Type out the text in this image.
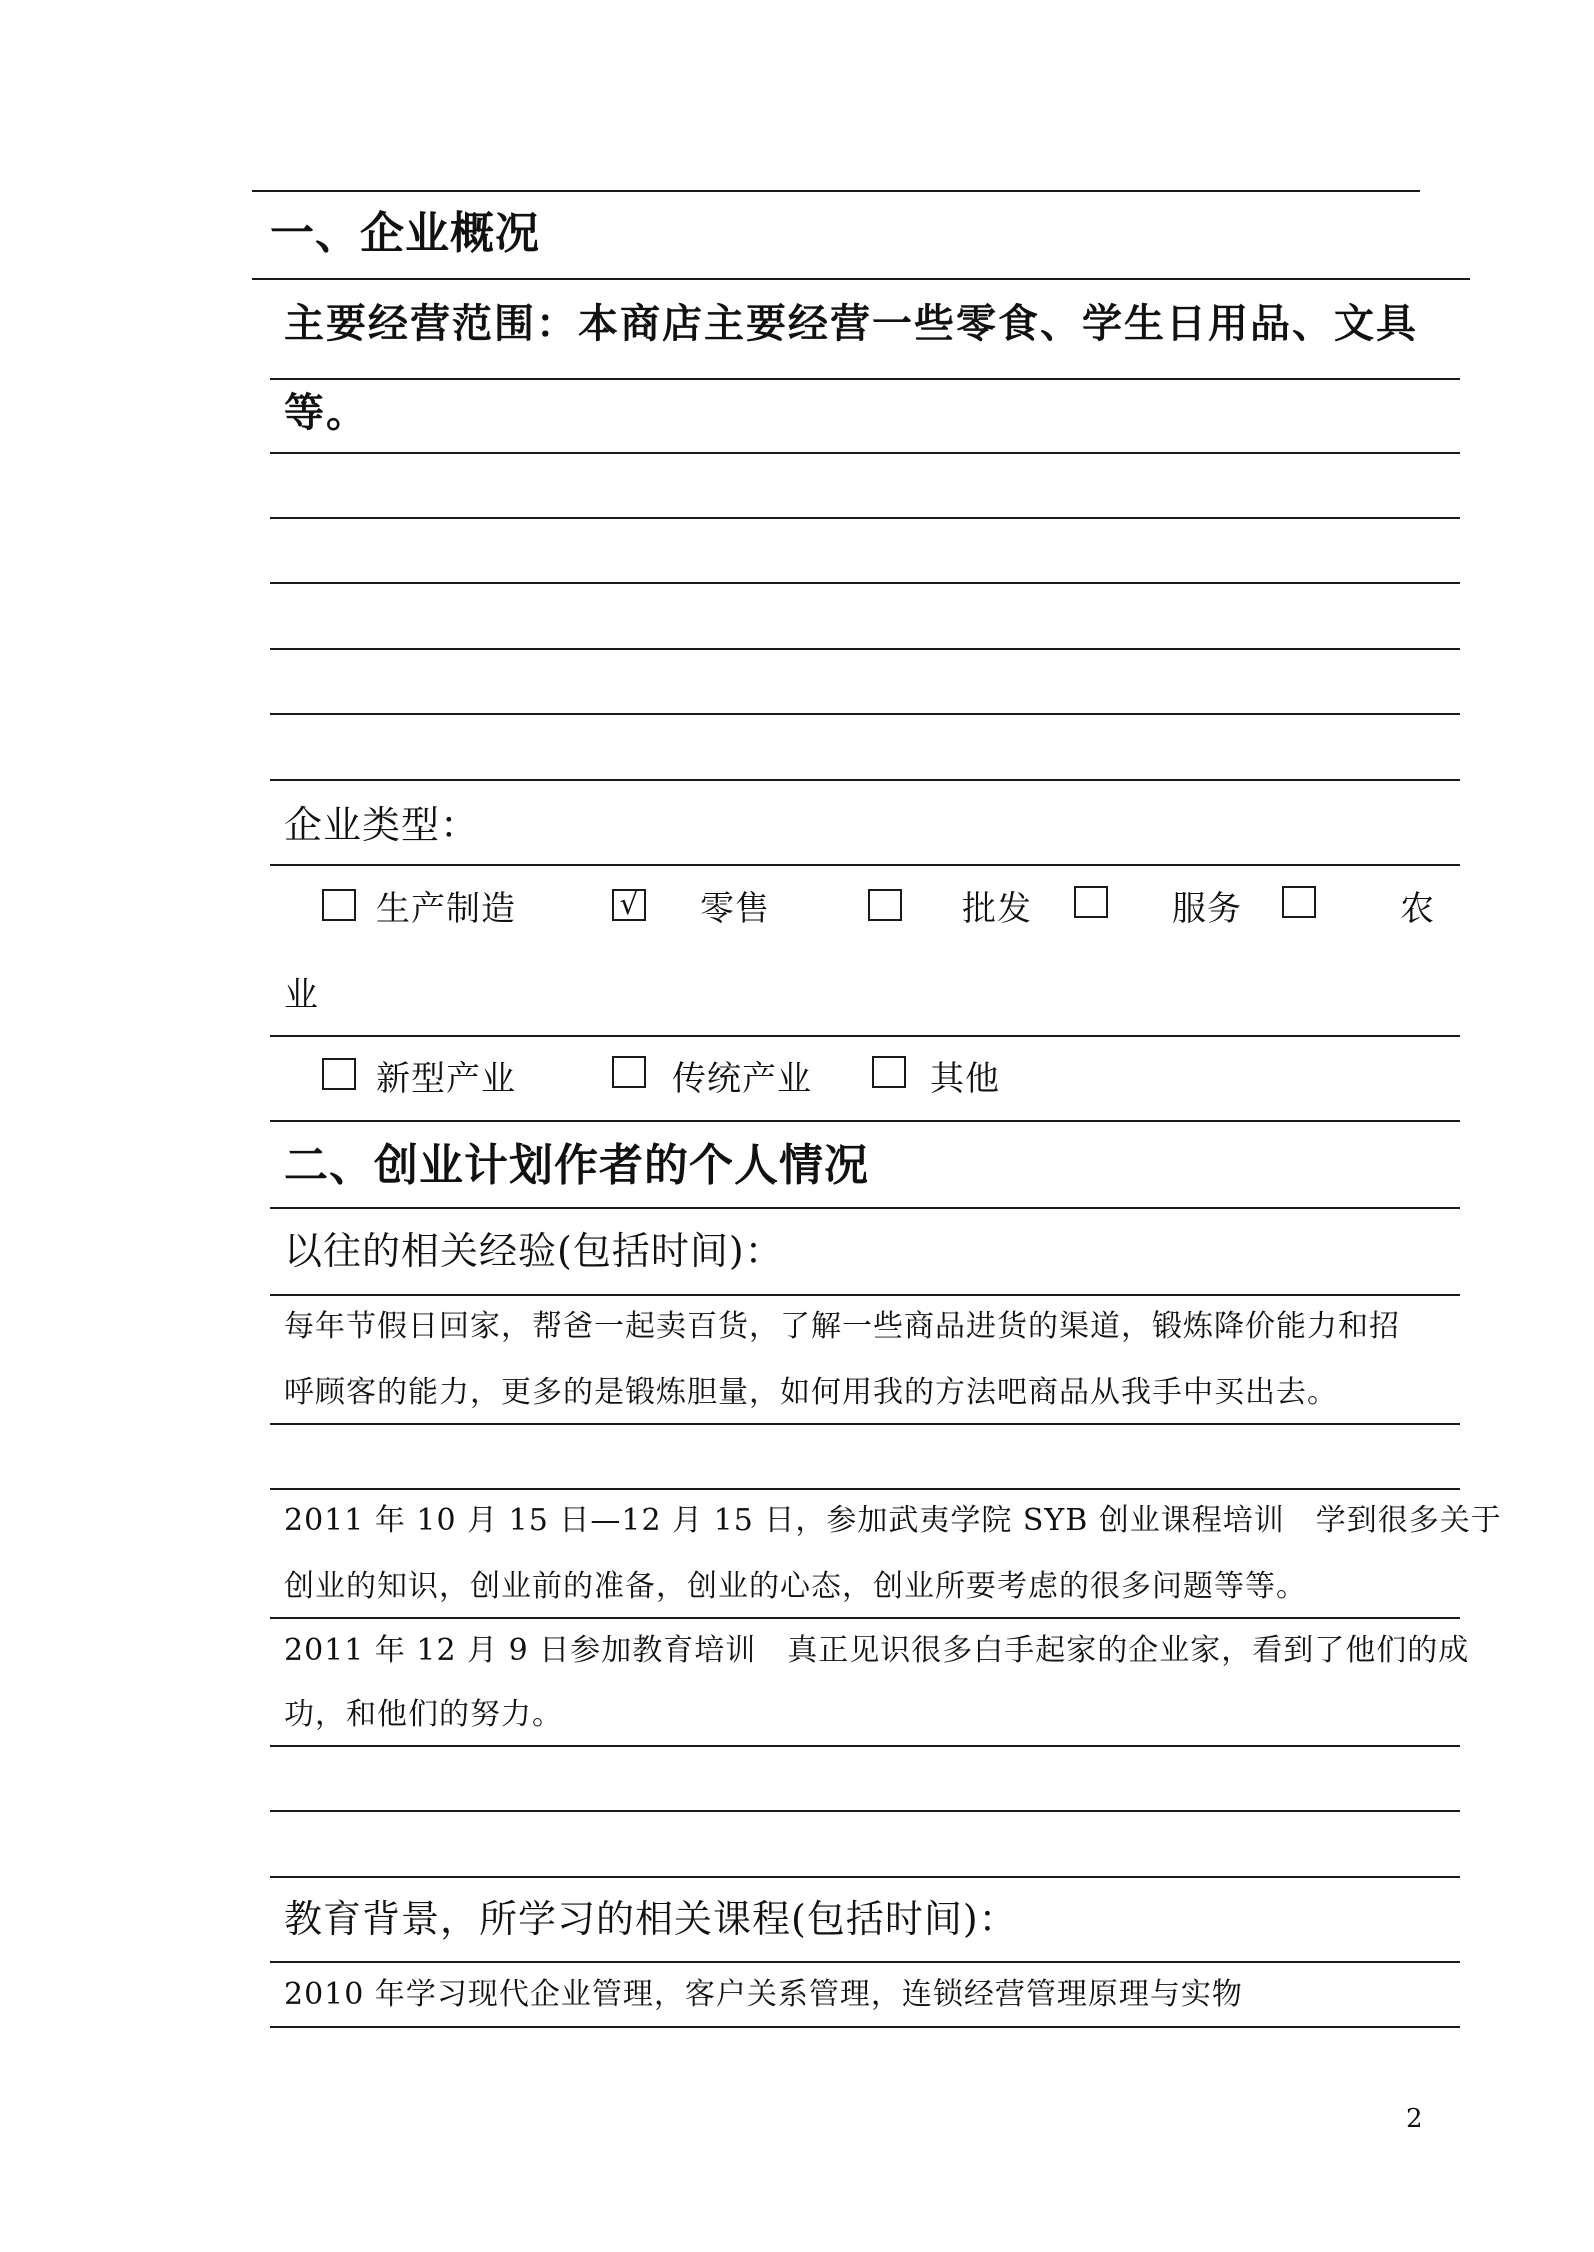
一、企业概况
主要经营范围：本商店主要经营一些零食、学生日用品、文具
等。
企业类型：
生产制造	√ 零售	批发	服务	农
业
新型产业	传统产业	其他
二、创业计划作者的个人情况
以往的相关经验(包括时间)：
每年节假日回家，帮爸一起卖百货，了解一些商品进货的渠道，锻炼降价能力和招
呼顾客的能力，更多的是锻炼胆量，如何用我的方法吧商品从我手中买出去。
2011 年 10 月 15 日—12 月 15 日，参加武夷学院 SYB 创业课程培训　学到很多关于
创业的知识，创业前的准备，创业的心态，创业所要考虑的很多问题等等。
2011 年 12 月 9 日参加教育培训　真正见识很多白手起家的企业家，看到了他们的成
功，和他们的努力。
教育背景，所学习的相关课程(包括时间)：
2010 年学习现代企业管理，客户关系管理，连锁经营管理原理与实物
2
